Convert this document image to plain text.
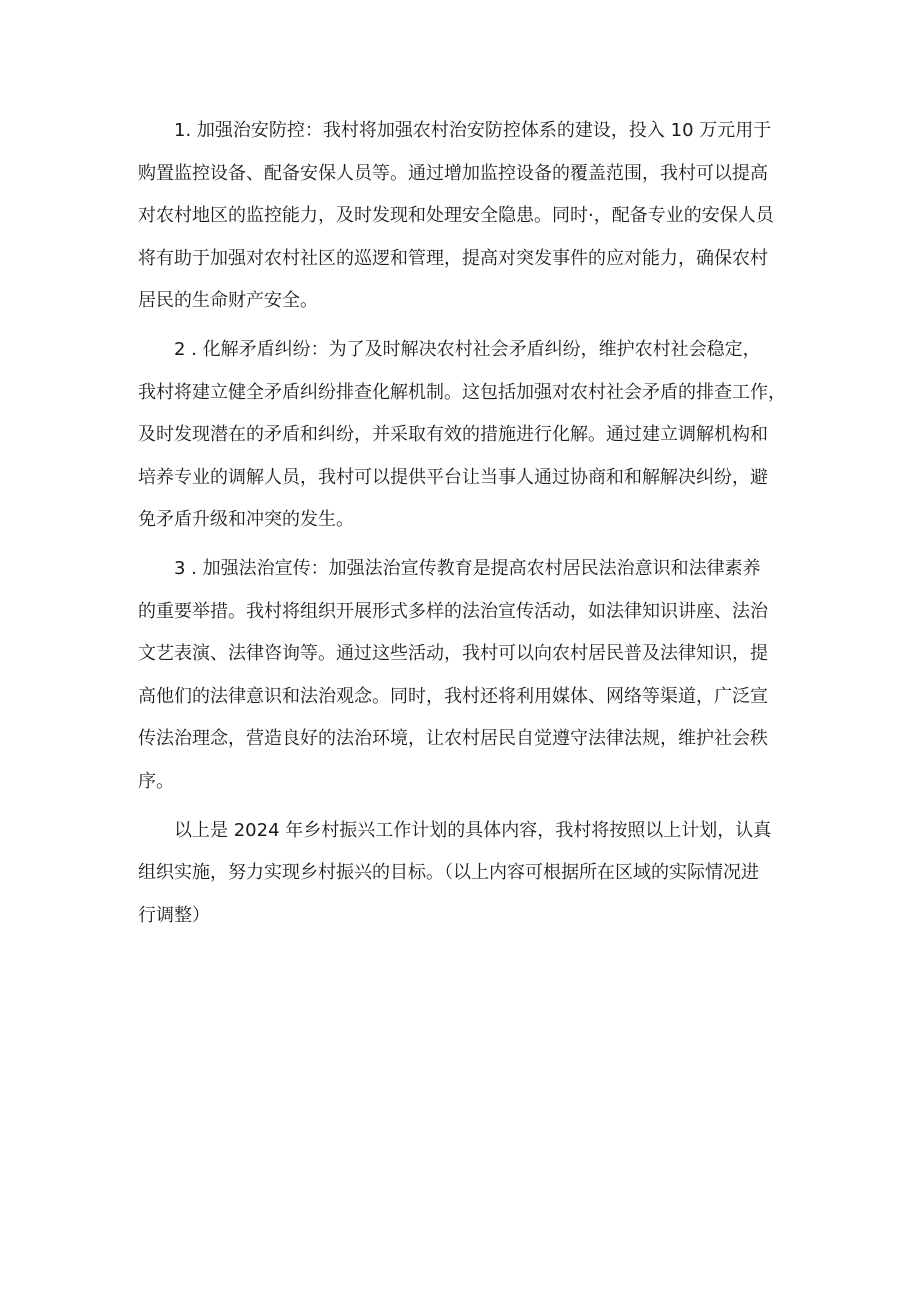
1. 加强治安防控：我村将加强农村治安防控体系的建设，投入 10 万元用于
购置监控设备、配备安保人员等。通过增加监控设备的覆盖范围，我村可以提高
对农村地区的监控能力，及时发现和处理安全隐患。同时·，配备专业的安保人员
将有助于加强对农村社区的巡逻和管理，提高对突发事件的应对能力，确保农村
居民的生命财产安全。
2 . 化解矛盾纠纷：为了及时解决农村社会矛盾纠纷，维护农村社会稳定，
我村将建立健全矛盾纠纷排查化解机制。这包括加强对农村社会矛盾的排查工作，
及时发现潜在的矛盾和纠纷，并采取有效的措施进行化解。通过建立调解机构和
培养专业的调解人员，我村可以提供平台让当事人通过协商和和解解决纠纷，避
免矛盾升级和冲突的发生。
3 . 加强法治宣传：加强法治宣传教育是提高农村居民法治意识和法律素养
的重要举措。我村将组织开展形式多样的法治宣传活动，如法律知识讲座、法治
文艺表演、法律咨询等。通过这些活动，我村可以向农村居民普及法律知识，提
高他们的法律意识和法治观念。同时，我村还将利用媒体、网络等渠道，广泛宣
传法治理念，营造良好的法治环境，让农村居民自觉遵守法律法规，维护社会秩
序。
以上是 2024 年乡村振兴工作计划的具体内容，我村将按照以上计划，认真
组织实施，努力实现乡村振兴的目标。（以上内容可根据所在区域的实际情况进
行调整）
